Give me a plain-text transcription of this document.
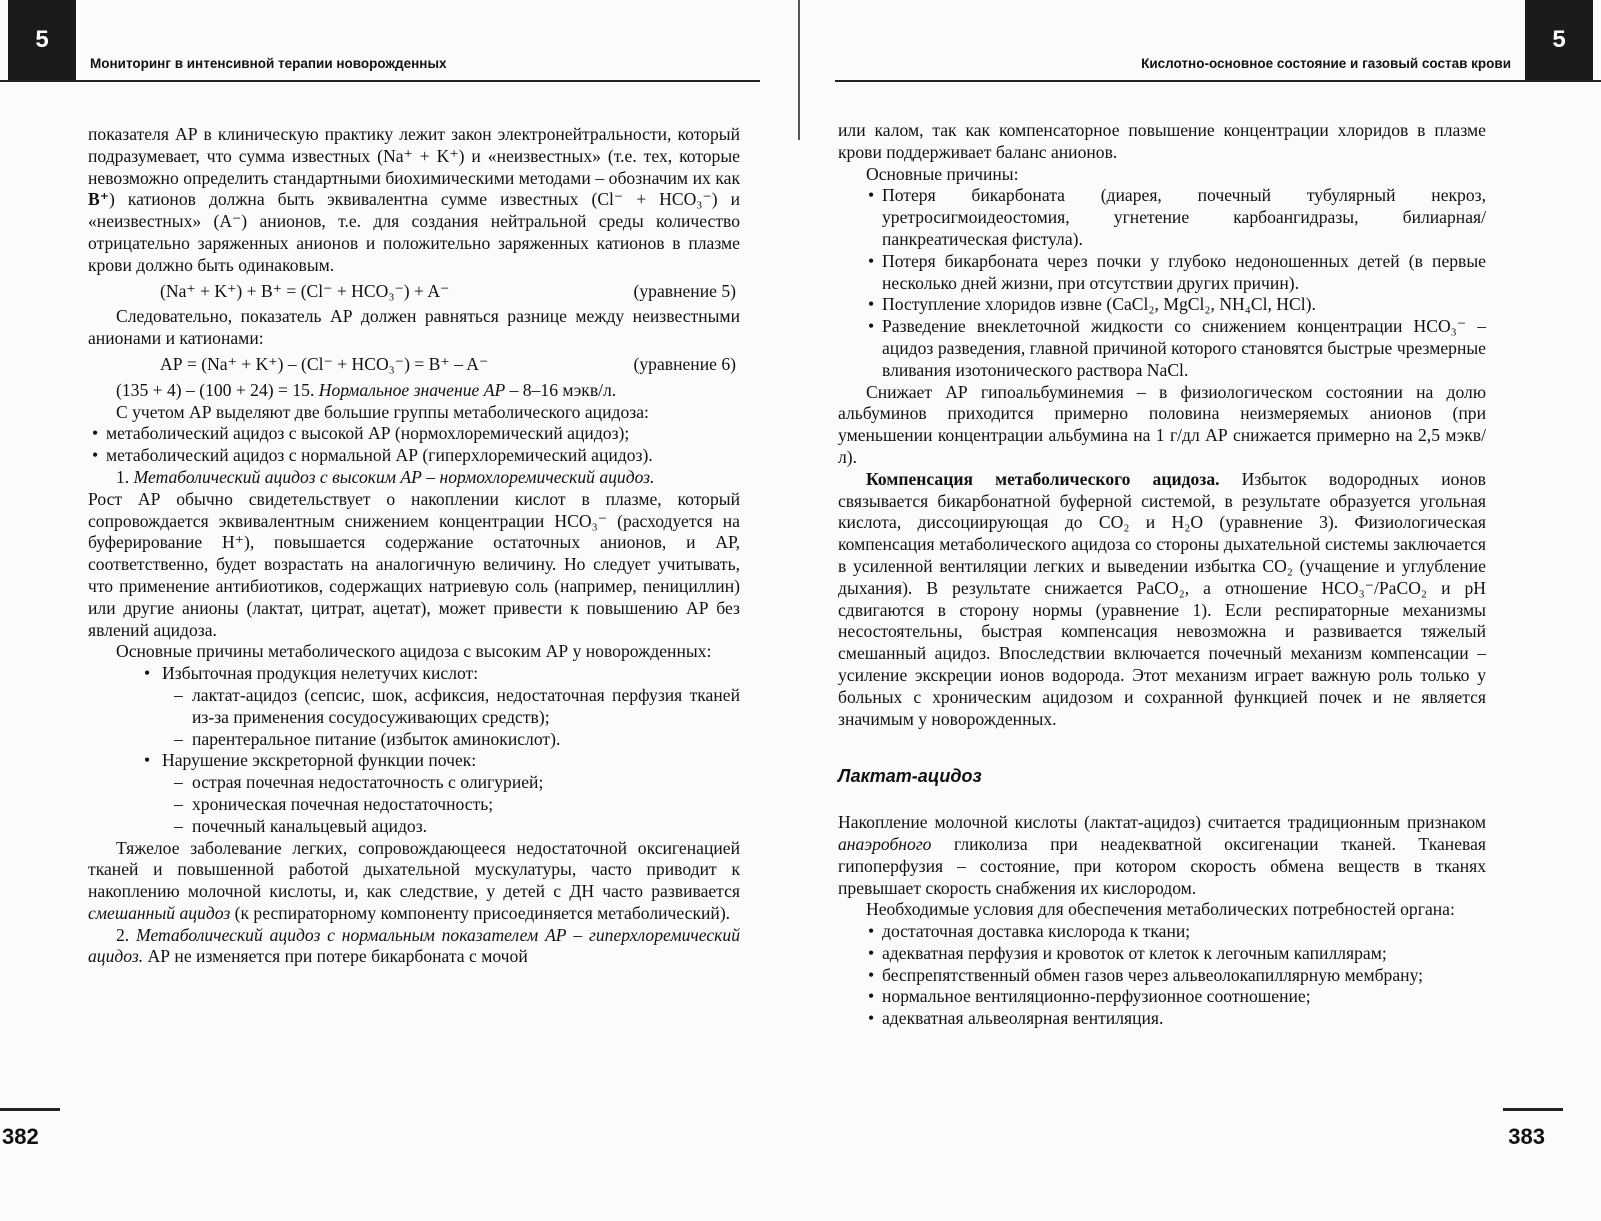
5
Мониторинг в интенсивной терапии новорожденных

показателя АР в клиническую практику лежит закон электронейтральности, который подразумевает, что сумма известных (Na⁺ + K⁺) и «неизвестных» (т.е. тех, которые невозможно определить стандартными биохимическими методами – обозначим их как B⁺) катионов должна быть эквивалентна сумме известных (Cl⁻ + HCO₃⁻) и «неизвестных» (A⁻) анионов, т.е. для создания нейтральной среды количество отрицательно заряженных анионов и положительно заряженных катионов в плазме крови должно быть одинаковым.

(Na⁺ + K⁺) + B⁺ = (Cl⁻ + HCO₃⁻) + A⁻	(уравнение 5)

Следовательно, показатель АР должен равняться разнице между неизвестными анионами и катионами:

АР = (Na⁺ + K⁺) – (Cl⁻ + HCO₃⁻) = B⁺ – A⁻	(уравнение 6)

(135 + 4) – (100 + 24) = 15. Нормальное значение АР – 8–16 мэкв/л.

С учетом АР выделяют две большие группы метаболического ацидоза:

• метаболический ацидоз с высокой АР (нормохлоремический ацидоз);
• метаболический ацидоз с нормальной АР (гиперхлоремический ацидоз).

1. Метаболический ацидоз с высоким АР – нормохлоремический ацидоз.

Рост АР обычно свидетельствует о накоплении кислот в плазме, который сопровождается эквивалентным снижением концентрации HCO₃⁻ (расходуется на буферирование H⁺), повышается содержание остаточных анионов, и АР, соответственно, будет возрастать на аналогичную величину. Но следует учитывать, что применение антибиотиков, содержащих натриевую соль (например, пенициллин) или другие анионы (лактат, цитрат, ацетат), может привести к повышению АР без явлений ацидоза.

Основные причины метаболического ацидоза с высоким АР у новорожденных:

• Избыточная продукция нелетучих кислот:
– лактат-ацидоз (сепсис, шок, асфиксия, недостаточная перфузия тканей из-за применения сосудосуживающих средств);
– парентеральное питание (избыток аминокислот).
• Нарушение экскреторной функции почек:
– острая почечная недостаточность с олигурией;
– хроническая почечная недостаточность;
– почечный канальцевый ацидоз.

Тяжелое заболевание легких, сопровождающееся недостаточной оксигенацией тканей и повышенной работой дыхательной мускулатуры, часто приводит к накоплению молочной кислоты, и, как следствие, у детей с ДН часто развивается смешанный ацидоз (к респираторному компоненту присоединяется метаболический).

2. Метаболический ацидоз с нормальным показателем АР – гиперхлоремический ацидоз. АР не изменяется при потере бикарбоната с мочой

382
5
Кислотно-основное состояние и газовый состав крови

или калом, так как компенсаторное повышение концентрации хлоридов в плазме крови поддерживает баланс анионов.

Основные причины:

• Потеря бикарбоната (диарея, почечный тубулярный некроз, уретросигмоидеостомия, угнетение карбоангидразы, билиарная/панкреатическая фистула).
• Потеря бикарбоната через почки у глубоко недоношенных детей (в первые несколько дней жизни, при отсутствии других причин).
• Поступление хлоридов извне (CaCl₂, MgCl₂, NH₄Cl, HCl).
• Разведение внеклеточной жидкости со снижением концентрации HCO₃⁻ – ацидоз разведения, главной причиной которого становятся быстрые чрезмерные вливания изотонического раствора NaCl.

Снижает АР гипоальбуминемия – в физиологическом состоянии на долю альбуминов приходится примерно половина неизмеряемых анионов (при уменьшении концентрации альбумина на 1 г/дл АР снижается примерно на 2,5 мэкв/л).

Компенсация метаболического ацидоза. Избыток водородных ионов связывается бикарбонатной буферной системой, в результате образуется угольная кислота, диссоциирующая до CO₂ и H₂O (уравнение 3). Физиологическая компенсация метаболического ацидоза со стороны дыхательной системы заключается в усиленной вентиляции легких и выведении избытка CO₂ (учащение и углубление дыхания). В результате снижается PaCO₂, а отношение HCO₃⁻/PaCO₂ и pH сдвигаются в сторону нормы (уравнение 1). Если респираторные механизмы несостоятельны, быстрая компенсация невозможна и развивается тяжелый смешанный ацидоз. Впоследствии включается почечный механизм компенсации – усиление экскреции ионов водорода. Этот механизм играет важную роль только у больных с хроническим ацидозом и сохранной функцией почек и не является значимым у новорожденных.

Лактат-ацидоз

Накопление молочной кислоты (лактат-ацидоз) считается традиционным признаком анаэробного гликолиза при неадекватной оксигенации тканей. Тканевая гипоперфузия – состояние, при котором скорость обмена веществ в тканях превышает скорость снабжения их кислородом.

Необходимые условия для обеспечения метаболических потребностей органа:

• достаточная доставка кислорода к ткани;
• адекватная перфузия и кровоток от клеток к легочным капиллярам;
• беспрепятственный обмен газов через альвеолокапиллярную мембрану;
• нормальное вентиляционно-перфузионное соотношение;
• адекватная альвеолярная вентиляция.
383
